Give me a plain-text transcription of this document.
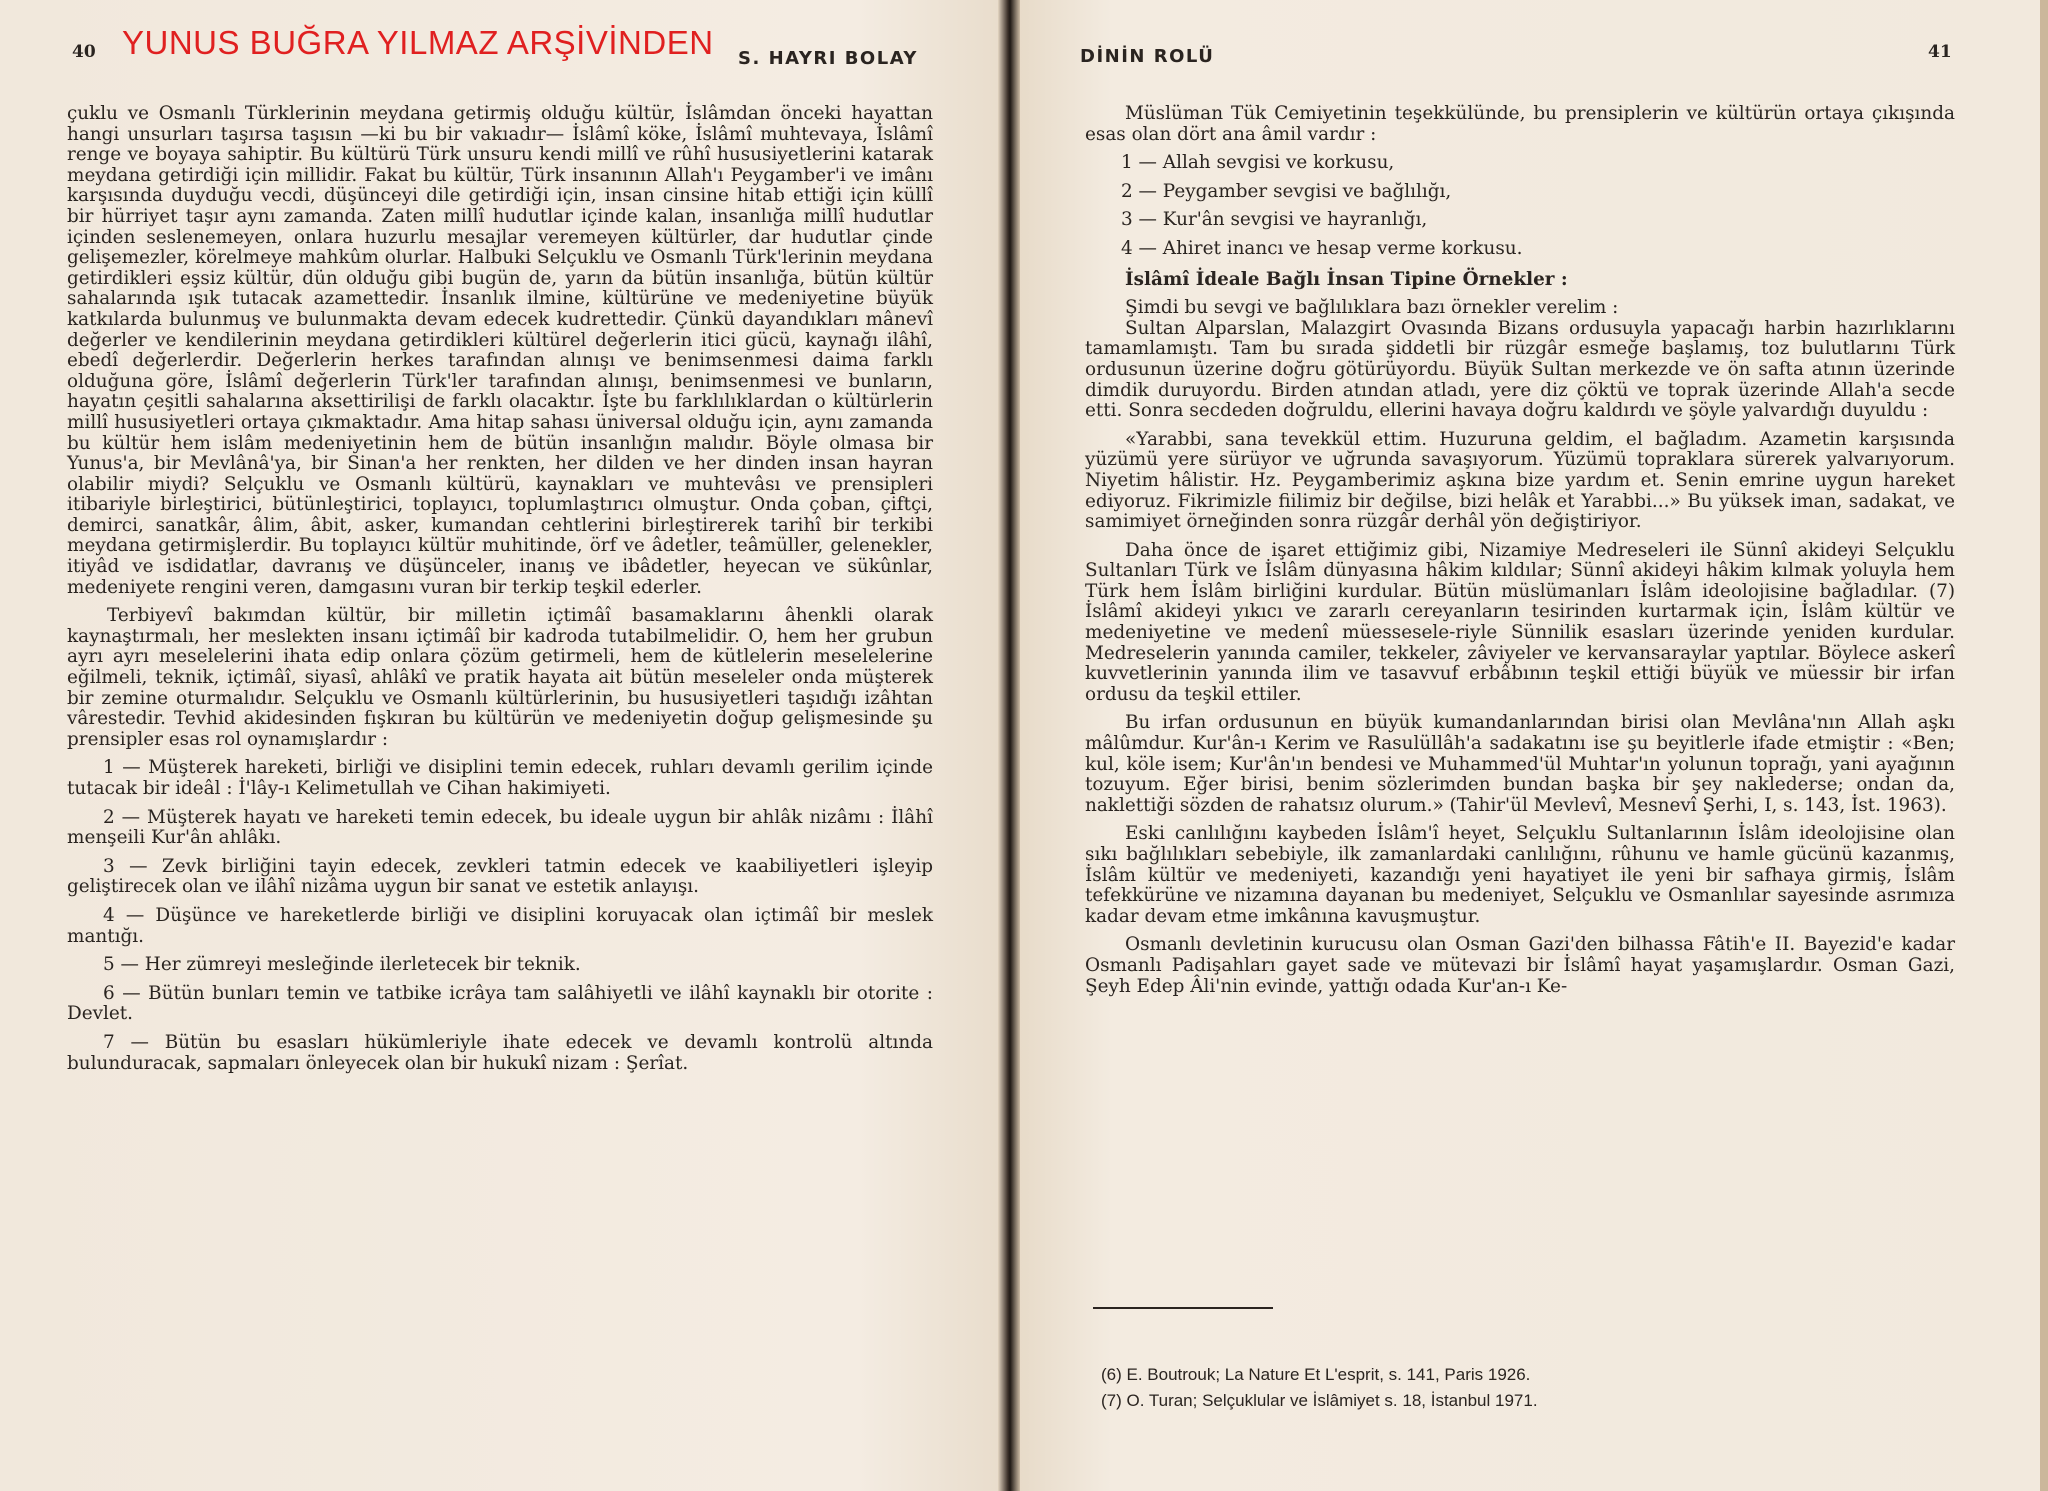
40 YUNUS BUĞRA YILMAZ ARŞİVİNDEN S. HAYRI BOLAY

çuklu ve Osmanlı Türklerinin meydana getirmiş olduğu kültür, İslâmdan önceki hayattan hangi unsurları taşırsa taşısın —ki bu bir vakıadır— İslâmî köke, İslâmî muhtevaya, İslâmî renge ve boyaya sahiptir. Bu kültürü Türk unsuru kendi millî ve rûhî hususiyetlerini katarak meydana getirdiği için millidir. Fakat bu kültür, Türk insanının Allah'ı Peygamber'i ve imânı karşısında duyduğu vecdi, düşünceyi dile getirdiği için, insan cinsine hitab ettiği için küllî bir hürriyet taşır aynı zamanda. Zaten millî hudutlar içinde kalan, insanlığa millî hudutlar içinden seslenemeyen, onlara huzurlu mesajlar veremeyen kültürler, dar hudutlar çinde gelişemezler, körelmeye mahkûm olurlar. Halbuki Selçuklu ve Osmanlı Türk'lerinin meydana getirdikleri eşsiz kültür, dün olduğu gibi bugün de, yarın da bütün insanlığa, bütün kültür sahalarında ışık tutacak azamettedir. İnsanlık ilmine, kültürüne ve medeniyetine büyük katkılarda bulunmuş ve bulunmakta devam edecek kudrettedir. Çünkü dayandıkları mânevî değerler ve kendilerinin meydana getirdikleri kültürel değerlerin itici gücü, kaynağı ilâhî, ebedî değerlerdir. Değerlerin herkes tarafından alınışı ve benimsenmesi daima farklı olduğuna göre, İslâmî değerlerin Türk'ler tarafından alınışı, benimsenmesi ve bunların, hayatın çeşitli sahalarına aksettirilişi de farklı olacaktır. İşte bu farklılıklardan o kültürlerin millî hususiyetleri ortaya çıkmaktadır. Ama hitap sahası üniversal olduğu için, aynı zamanda bu kültür hem islâm medeniyetinin hem de bütün insanlığın malıdır. Böyle olmasa bir Yunus'a, bir Mevlânâ'ya, bir Sinan'a her renkten, her dilden ve her dinden insan hayran olabilir miydi? Selçuklu ve Osmanlı kültürü, kaynakları ve muhtevâsı ve prensipleri itibariyle birleştirici, bütünleştirici, toplayıcı, toplumlaştırıcı olmuştur. Onda çoban, çiftçi, demirci, sanatkâr, âlim, âbit, asker, kumandan cehtlerini birleştirerek tarihî bir terkibi meydana getirmişlerdir. Bu toplayıcı kültür muhitinde, örf ve âdetler, teâmüller, gelenekler, itiyâd ve isdidatlar, davranış ve düşünceler, inanış ve ibâdetler, heyecan ve sükûnlar, medeniyete rengini veren, damgasını vuran bir terkip teşkil ederler.

Terbiyevî bakımdan kültür, bir milletin içtimâî basamaklarını âhenkli olarak kaynaştırmalı, her meslekten insanı içtimâî bir kadroda tutabilmelidir. O, hem her grubun ayrı ayrı meselelerini ihata edip onlara çözüm getirmeli, hem de kütlelerin meselelerine eğilmeli, teknik, içtimâî, siyasî, ahlâkî ve pratik hayata ait bütün meseleler onda müşterek bir zemine oturmalıdır. Selçuklu ve Osmanlı kültürlerinin, bu hususiyetleri taşıdığı izâhtan vârestedir. Tevhid akidesinden fışkıran bu kültürün ve medeniyetin doğup gelişmesinde şu prensipler esas rol oynamışlardır :

1 — Müşterek hareketi, birliği ve disiplini temin edecek, ruhları devamlı gerilim içinde tutacak bir ideâl : İ'lây-ı Kelimetullah ve Cihan hakimiyeti.

2 — Müşterek hayatı ve hareketi temin edecek, bu ideale uygun bir ahlâk nizâmı : İlâhî menşeili Kur'ân ahlâkı.

3 — Zevk birliğini tayin edecek, zevkleri tatmin edecek ve kaabiliyetleri işleyip geliştirecek olan ve ilâhî nizâma uygun bir sanat ve estetik anlayışı.

4 — Düşünce ve hareketlerde birliği ve disiplini koruyacak olan içtimâî bir meslek mantığı.

5 — Her zümreyi mesleğinde ilerletecek bir teknik.

6 — Bütün bunları temin ve tatbike icrâya tam salâhiyetli ve ilâhî kaynaklı bir otorite : Devlet.

7 — Bütün bu esasları hükümleriyle ihate edecek ve devamlı kontrolü altında bulunduracak, sapmaları önleyecek olan bir hukukî nizam : Şerîat.

DİNİN ROLÜ	41

Müslüman Tük Cemiyetinin teşekkülünde, bu prensiplerin ve kültürün ortaya çıkışında esas olan dört ana âmil vardır :

1 — Allah sevgisi ve korkusu,

2 — Peygamber sevgisi ve bağlılığı,

3 — Kur'ân sevgisi ve hayranlığı,

4 — Ahiret inancı ve hesap verme korkusu.

İslâmî İdeale Bağlı İnsan Tipine Örnekler :

Şimdi bu sevgi ve bağlılıklara bazı örnekler verelim :

Sultan Alparslan, Malazgirt Ovasında Bizans ordusuyla yapacağı harbin hazırlıklarını tamamlamıştı. Tam bu sırada şiddetli bir rüzgâr esmeğe başlamış, toz bulutlarını Türk ordusunun üzerine doğru götürüyordu. Büyük Sultan merkezde ve ön safta atının üzerinde dimdik duruyordu. Birden atından atladı, yere diz çöktü ve toprak üzerinde Allah'a secde etti. Sonra secdeden doğruldu, ellerini havaya doğru kaldırdı ve şöyle yalvardığı duyuldu :

«Yarabbi, sana tevekkül ettim. Huzuruna geldim, el bağladım. Azametin karşısında yüzümü yere sürüyor ve uğrunda savaşıyorum. Yüzümü topraklara sürerek yalvarıyorum. Niyetim hâlistir. Hz. Peygamberimiz aşkına bize yardım et. Senin emrine uygun hareket ediyoruz. Fikrimizle fiilimiz bir değilse, bizi helâk et Yarabbi...» Bu yüksek iman, sadakat, ve samimiyet örneğinden sonra rüzgâr derhâl yön değiştiriyor.

Daha önce de işaret ettiğimiz gibi, Nizamiye Medreseleri ile Sünnî akideyi Selçuklu Sultanları Türk ve İslâm dünyasına hâkim kıldılar; Sünnî akideyi hâkim kılmak yoluyla hem Türk hem İslâm birliğini kurdular. Bütün müslümanları İslâm ideolojisine bağladılar. (7) İslâmî akideyi yıkıcı ve zararlı cereyanların tesirinden kurtarmak için, İslâm kültür ve medeniyetine ve medenî müessesele-riyle Sünnilik esasları üzerinde yeniden kurdular. Medreselerin yanında camiler, tekkeler, zâviyeler ve kervansaraylar yaptılar. Böylece askerî kuvvetlerinin yanında ilim ve tasavvuf erbâbının teşkil ettiği büyük ve müessir bir irfan ordusu da teşkil ettiler.

Bu irfan ordusunun en büyük kumandanlarından birisi olan Mevlâna'nın Allah aşkı mâlûmdur. Kur'ân-ı Kerim ve Rasulüllâh'a sadakatını ise şu beyitlerle ifade etmiştir : «Ben; kul, köle isem; Kur'ân'ın bendesi ve Muhammed'ül Muhtar'ın yolunun toprağı, yani ayağının tozuyum. Eğer birisi, benim sözlerimden bundan başka bir şey naklederse; ondan da, naklettiği sözden de rahatsız olurum.» (Tahir'ül Mevlevî, Mesnevî Şerhi, I, s. 143, İst. 1963).

Eski canlılığını kaybeden İslâm'î heyet, Selçuklu Sultanlarının İslâm ideolojisine olan sıkı bağlılıkları sebebiyle, ilk zamanlardaki canlılığını, rûhunu ve hamle gücünü kazanmış, İslâm kültür ve medeniyeti, kazandığı yeni hayatiyet ile yeni bir safhaya girmiş, İslâm tefekkürüne ve nizamına dayanan bu medeniyet, Selçuklu ve Osmanlılar sayesinde asrımıza kadar devam etme imkânına kavuşmuştur.

Osmanlı devletinin kurucusu olan Osman Gazi'den bilhassa Fâtih'e II. Bayezid'e kadar Osmanlı Padişahları gayet sade ve mütevazi bir İslâmî hayat yaşamışlardır. Osman Gazi, Şeyh Edep Âli'nin evinde, yattığı odada Kur'an-ı Ke-

(6) E. Boutrouk; La Nature Et L'esprit, s. 141, Paris 1926.

(7) O. Turan; Selçuklular ve İslâmiyet s. 18, İstanbul 1971.
